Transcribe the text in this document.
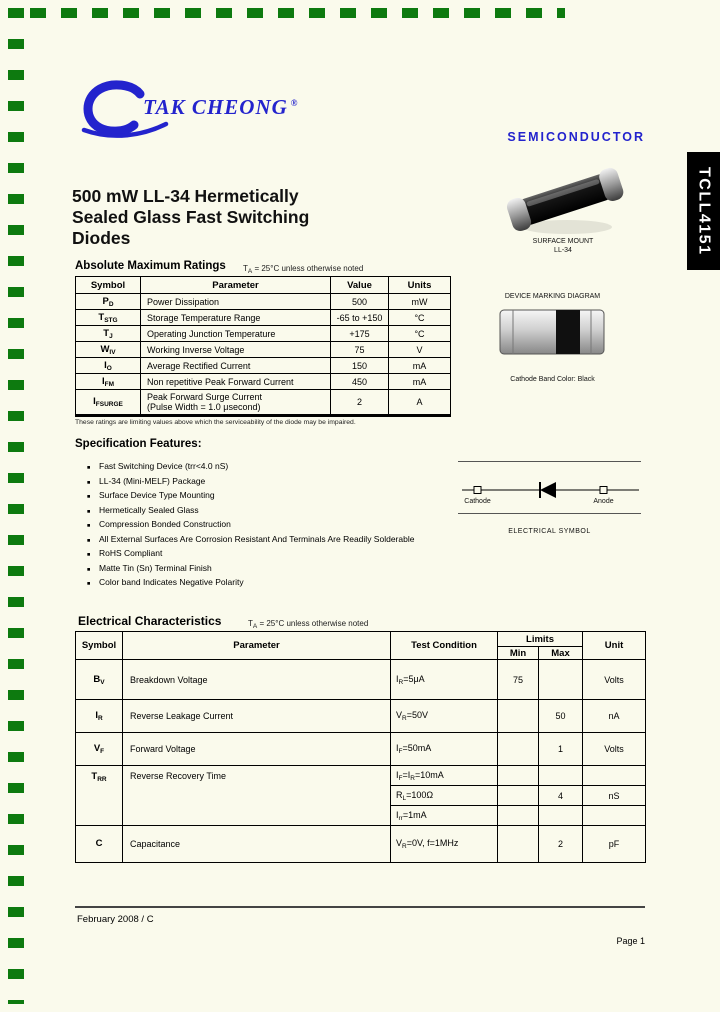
TAK CHEONG ®
SEMICONDUCTOR
TCLL4151
500 mW LL-34 Hermetically
Sealed Glass Fast Switching
Diodes	SURFACE MOUNT
LL-34
Absolute Maximum Ratings $T_A = 25^\circ C$ unless otherwise noted
Symbol	Parameter	Value	Units
$P_D$	Power Dissipation	500	mW
$T_{STG}$	Storage Temperature Range	-65 to +150	°C
$T_J$	Operating Junction Temperature	+175	°C
$W_{IV}$	Working Inverse Voltage	75	V
$I_O$	Average Rectified Current	150	mA
$I_{FM}$	Non repetitive Peak Forward Current	450	mA
$I_{FSURGE}$	Peak Forward Surge Current
(Pulse Width = 1.0 μsecond)	2	A
These ratings are limiting values above which the serviceability of the diode may be impaired.
DEVICE MARKING DIAGRAM
Cathode Band Color: Black
Specification Features:
■ Fast Switching Device (trr<4.0 nS)
■ LL-34 (Mini-MELF) Package
■ Surface Device Type Mounting
■ Hermetically Sealed Glass
■ Compression Bonded Construction
■ All External Surfaces Are Corrosion Resistant And Terminals Are Readily Solderable
■ RoHS Compliant
■ Matte Tin (Sn) Terminal Finish
■ Color band Indicates Negative Polarity
Cathode	Anode
ELECTRICAL SYMBOL
Electrical Characteristics	$T_A = 25^\circ C$ unless otherwise noted
Symbol	Parameter	Test Condition	Limits		Unit
			Min	Max	
$B_V$	Breakdown Voltage	$I_R=5\mu A$	75		Volts
$I_R$	Reverse Leakage Current	$V_R=50V$		50	nA
$V_F$	Forward Voltage	$I_F=50mA$		1	Volts
$T_{RR}$	Reverse Recovery Time	$I_F=I_R=10mA$			
		$R_L=100\Omega$		4	nS
		$I_{rr}=1mA$			
C	Capacitance	$V_R=0V$, f=1MHz		2	pF
February 2008 / C
Page 1
